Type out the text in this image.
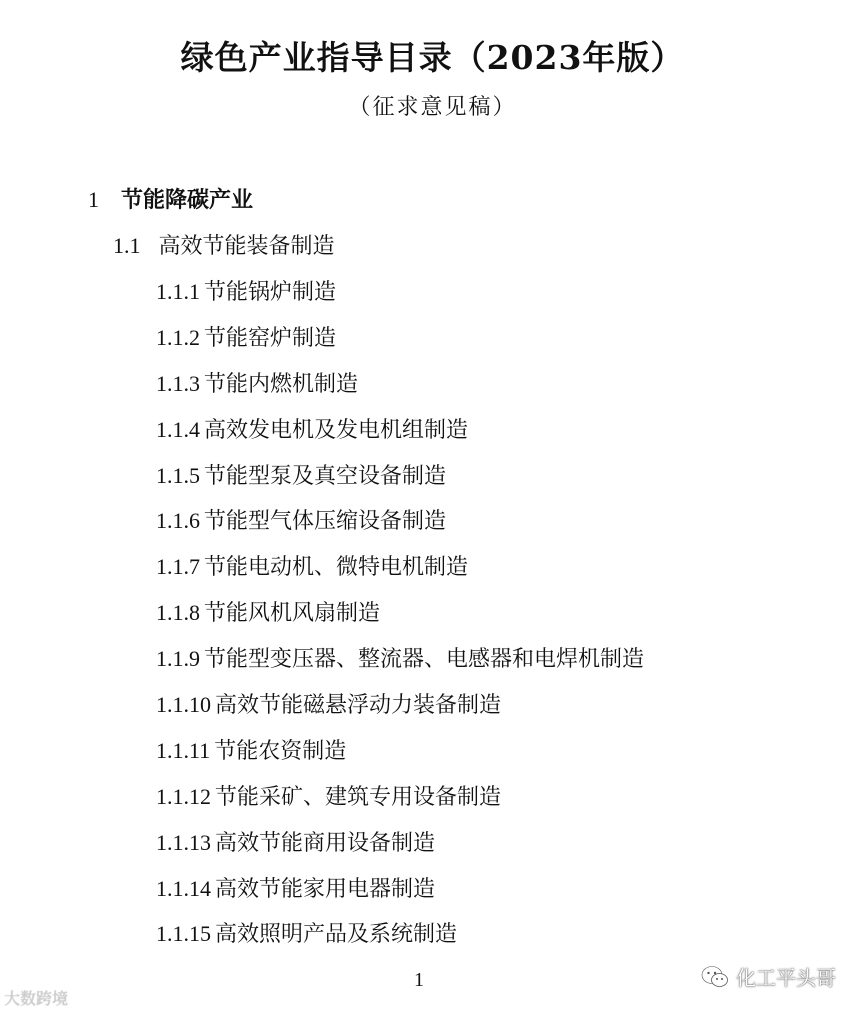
绿色产业指导目录（2023年版）
（征求意见稿）
1 节能降碳产业
1.1 高效节能装备制造
1.1.1 节能锅炉制造
1.1.2 节能窑炉制造
1.1.3 节能内燃机制造
1.1.4 高效发电机及发电机组制造
1.1.5 节能型泵及真空设备制造
1.1.6 节能型气体压缩设备制造
1.1.7 节能电动机、微特电机制造
1.1.8 节能风机风扇制造
1.1.9 节能型变压器、整流器、电感器和电焊机制造
1.1.10 高效节能磁悬浮动力装备制造
1.1.11 节能农资制造
1.1.12 节能采矿、建筑专用设备制造
1.1.13 高效节能商用设备制造
1.1.14 高效节能家用电器制造
1.1.15 高效照明产品及系统制造
1
大数跨境
化工平头哥
